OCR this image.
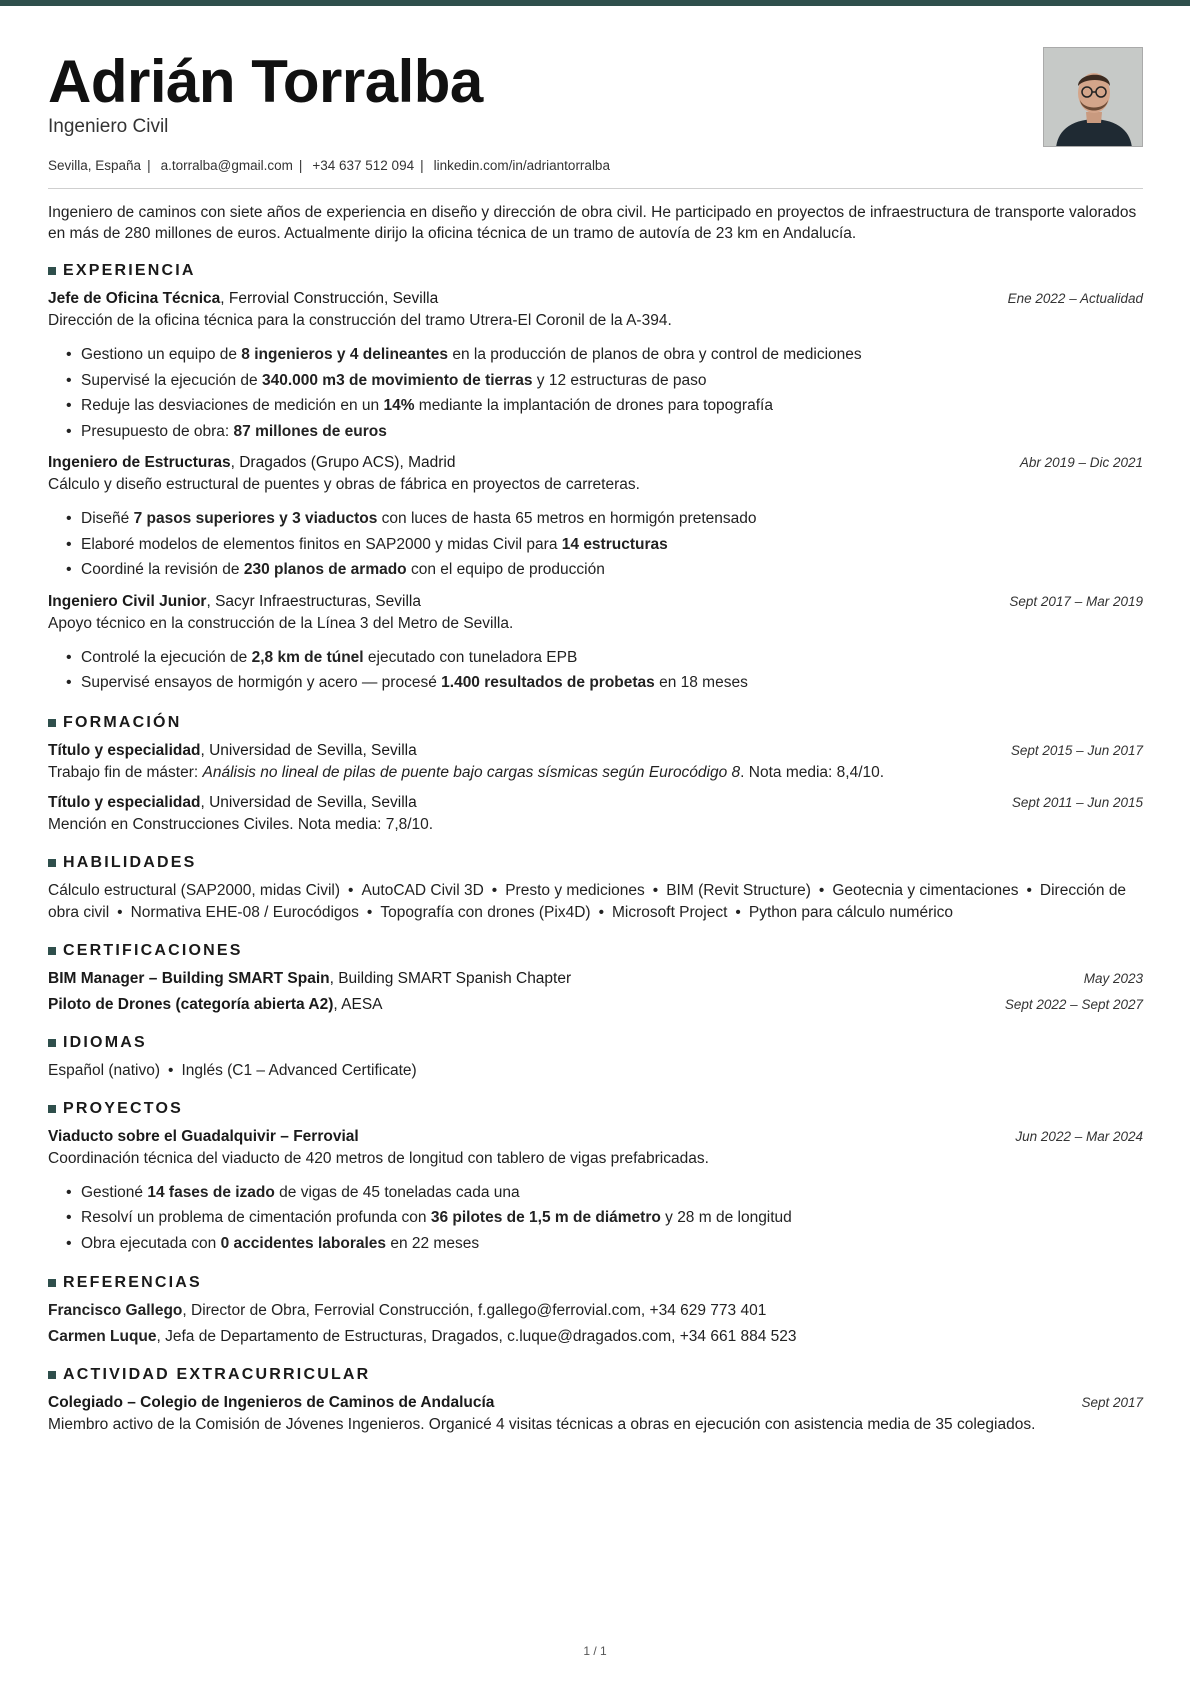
Adrián Torralba
Ingeniero Civil
Sevilla, España | a.torralba@gmail.com | +34 637 512 094 | linkedin.com/in/adriantorralba

Ingeniero de caminos con siete años de experiencia en diseño y dirección de obra civil. He participado en proyectos de infraestructura de transporte valorados en más de 280 millones de euros. Actualmente dirijo la oficina técnica de un tramo de autovía de 23 km en Andalucía.

EXPERIENCIA
Jefe de Oficina Técnica, Ferrovial Construcción, Sevilla	Ene 2022 – Actualidad
Dirección de la oficina técnica para la construcción del tramo Utrera-El Coronil de la A-394.
• Gestiono un equipo de 8 ingenieros y 4 delineantes en la producción de planos de obra y control de mediciones
• Supervisé la ejecución de 340.000 m3 de movimiento de tierras y 12 estructuras de paso
• Reduje las desviaciones de medición en un 14% mediante la implantación de drones para topografía
• Presupuesto de obra: 87 millones de euros
Ingeniero de Estructuras, Dragados (Grupo ACS), Madrid	Abr 2019 – Dic 2021
Cálculo y diseño estructural de puentes y obras de fábrica en proyectos de carreteras.
• Diseñé 7 pasos superiores y 3 viaductos con luces de hasta 65 metros en hormigón pretensado
• Elaboré modelos de elementos finitos en SAP2000 y midas Civil para 14 estructuras
• Coordiné la revisión de 230 planos de armado con el equipo de producción
Ingeniero Civil Junior, Sacyr Infraestructuras, Sevilla	Sept 2017 – Mar 2019
Apoyo técnico en la construcción de la Línea 3 del Metro de Sevilla.
• Controlé la ejecución de 2,8 km de túnel ejecutado con tuneladora EPB
• Supervisé ensayos de hormigón y acero — procesé 1.400 resultados de probetas en 18 meses
FORMACIÓN
Título y especialidad, Universidad de Sevilla, Sevilla	Sept 2015 – Jun 2017
Trabajo fin de máster: Análisis no lineal de pilas de puente bajo cargas sísmicas según Eurocódigo 8. Nota media: 8,4/10.
Título y especialidad, Universidad de Sevilla, Sevilla	Sept 2011 – Jun 2015
Mención en Construcciones Civiles. Nota media: 7,8/10.
HABILIDADES
Cálculo estructural (SAP2000, midas Civil) • AutoCAD Civil 3D • Presto y mediciones • BIM (Revit Structure) • Geotecnia y cimentaciones • Dirección de obra civil • Normativa EHE-08 / Eurocódigos • Topografía con drones (Pix4D) • Microsoft Project • Python para cálculo numérico
CERTIFICACIONES
BIM Manager – Building SMART Spain, Building SMART Spanish Chapter	May 2023
Piloto de Drones (categoría abierta A2), AESA	Sept 2022 – Sept 2027
IDIOMAS
Español (nativo) • Inglés (C1 – Advanced Certificate)
PROYECTOS
Viaducto sobre el Guadalquivir – Ferrovial	Jun 2022 – Mar 2024
Coordinación técnica del viaducto de 420 metros de longitud con tablero de vigas prefabricadas.
• Gestioné 14 fases de izado de vigas de 45 toneladas cada una
• Resolví un problema de cimentación profunda con 36 pilotes de 1,5 m de diámetro y 28 m de longitud
• Obra ejecutada con 0 accidentes laborales en 22 meses
REFERENCIAS
Francisco Gallego, Director de Obra, Ferrovial Construcción, f.gallego@ferrovial.com, +34 629 773 401
Carmen Luque, Jefa de Departamento de Estructuras, Dragados, c.luque@dragados.com, +34 661 884 523
ACTIVIDAD EXTRACURRICULAR
Colegiado – Colegio de Ingenieros de Caminos de Andalucía	Sept 2017
Miembro activo de la Comisión de Jóvenes Ingenieros. Organicé 4 visitas técnicas a obras en ejecución con asistencia media de 35 colegiados.
1 / 1
